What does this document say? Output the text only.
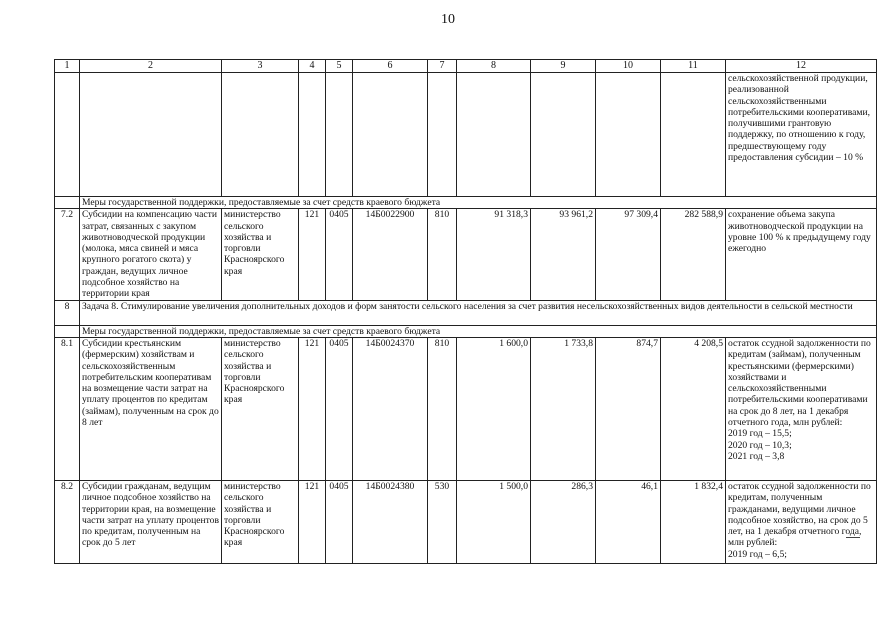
10
1	2	3	4	5	6	7	8	9	10	11	12
											сельскохозяйственной продукции, реализованной сельскохозяйственными потребительскими кооперативами, получившими грантовую поддержку, по отношению к году, предшествующему году предоставления субсидии – 10 %
	Меры государственной поддержки, предоставляемые за счет средств краевого бюджета										
7.2	Субсидии на компенсацию части затрат, связанных с закупом животноводческой продукции (молока, мяса свиней и мяса крупного рогатого скота) у граждан, ведущих личное подсобное хозяйство на территории края	министерство сельского хозяйства и торговли Красноярского края	121	0405	14Б0022900	810	91 318,3	93 961,2	97 309,4	282 588,9	сохранение объема закупа животноводческой продукции на уровне 100 % к предыдущему году ежегодно
8	Задача 8. Стимулирование увеличения дополнительных доходов и форм занятости сельского населения за счет развития несельскохозяйственных видов деятельности в сельской местности										
	Меры государственной поддержки, предоставляемые за счет средств краевого бюджета										
8.1	Субсидии крестьянским (фермерским) хозяйствам и сельскохозяйственным потребительским кооперативам на возмещение части затрат на уплату процентов по кредитам (займам), полученным на срок до 8 лет	министерство сельского хозяйства и торговли Красноярского края	121	0405	14Б0024370	810	1 600,0	1 733,8	874,7	4 208,5	остаток ссудной задолженности по кредитам (займам), полученным крестьянскими (фермерскими) хозяйствами и сельскохозяйственными потребительскими кооперативами на срок до 8 лет, на 1 декабря отчетного года, млн рублей:
2019 год – 15,5;
2020 год – 10,3;
2021 год – 3,8

8.2	Субсидии гражданам, ведущим личное подсобное хозяйство на территории края, на возмещение части затрат на уплату процентов по кредитам, полученным на срок до 5 лет	министерство сельского хозяйства и торговли Красноярского края	121	0405	14Б0024380	530	1 500,0	286,3	46,1	1 832,4	остаток ссудной задолженности по кредитам, полученным гражданами, ведущими личное подсобное хозяйство, на срок до 5 лет, на 1 декабря отчетного года, млн рублей:
2019 год – 6,5;
